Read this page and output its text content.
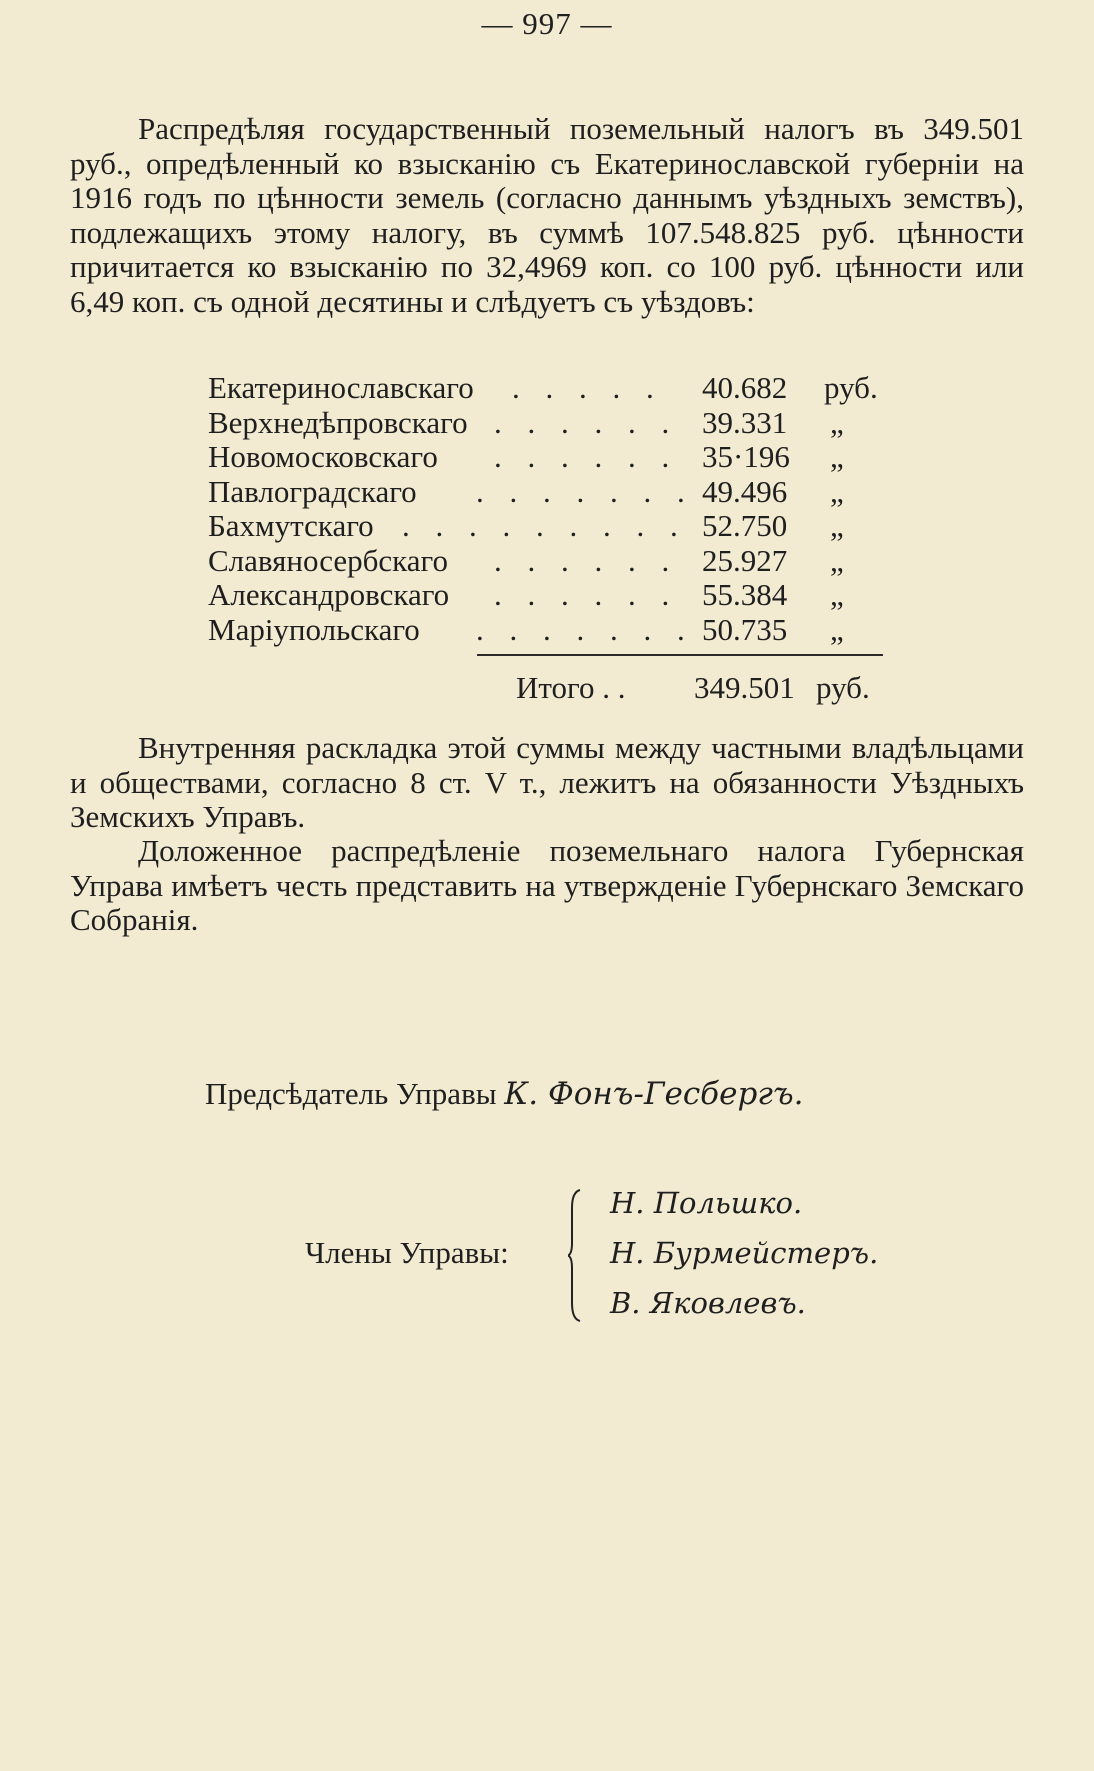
— 997 —
Распредѣляя государственный поземельный налогъ въ 349.501 руб., опредѣленный ко взысканію съ Екатеринославской губерніи на 1916 годъ по цѣнности земель (согласно даннымъ уѣздныхъ земствъ), подлежащихъ этому налогу, въ суммѣ 107.548.825 руб. цѣнности причитается ко взысканію по 32,4969 коп. со 100 руб. цѣнности или 6,49 коп. съ одной десятины и слѣдуетъ съ уѣздовъ:
Екатеринославскаго . . . . . 40.682 руб.
Верхнедѣпровскаго . . . . . . 39.331 „
Новомосковскаго . . . . . . 35·196 „
Павлоградскаго . . . . . . . 49.496 „
Бахмутскаго . . . . . . . . . 52.750 „
Славяносербскаго . . . . . . 25.927 „
Александровскаго . . . . . . 55.384 „
Маріупольскаго . . . . . . . 50.735 „
Итого . . 349.501 руб.
Внутренняя раскладка этой суммы между частными владѣльцами и обществами, согласно 8 ст. V т., лежитъ на обязанности Уѣздныхъ Земскихъ Управъ.
Доложенное распредѣленіе поземельнаго налога Губернская Управа имѣетъ честь представить на утвержденіе Губернскаго Земскаго Собранія.
Предсѣдатель Управы К. Фонъ-Гесбергъ.
Члены Управы:
Н. Польшко.
Н. Бурмейстеръ.
В. Яковлевъ.
